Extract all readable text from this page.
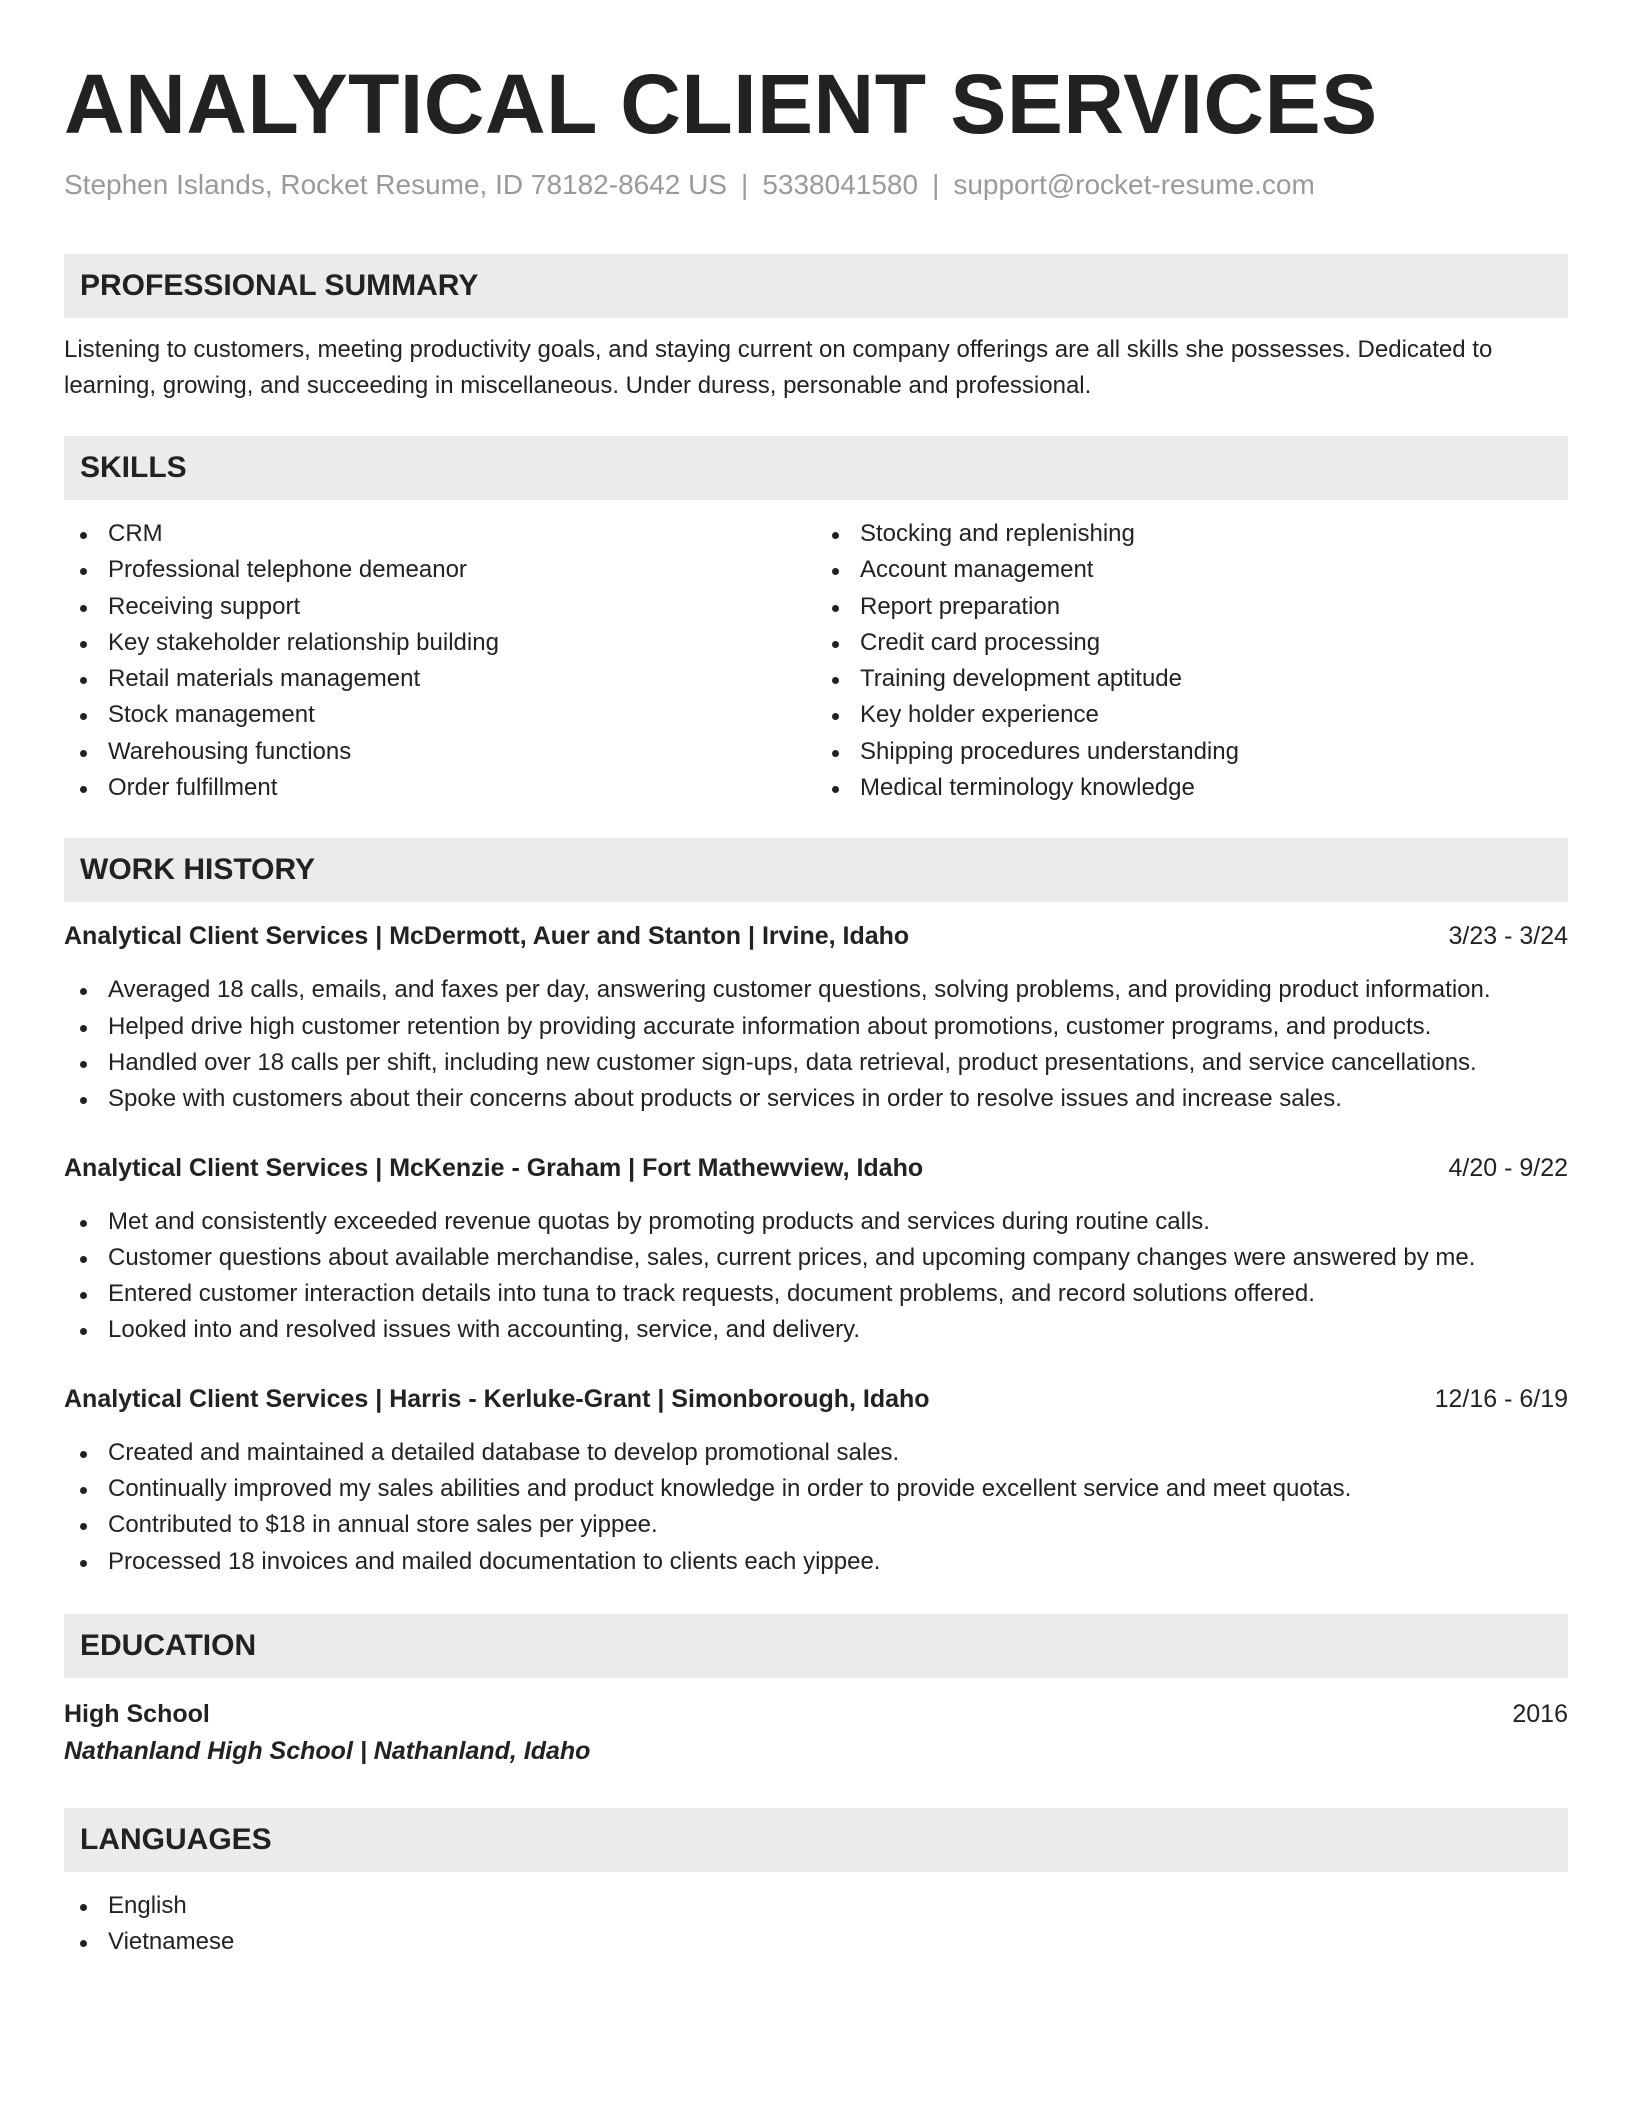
ANALYTICAL CLIENT SERVICES
Stephen Islands, Rocket Resume, ID 78182-8642 US | 5338041580 | support@rocket-resume.com
PROFESSIONAL SUMMARY

Listening to customers, meeting productivity goals, and staying current on company offerings are all skills she possesses. Dedicated to learning, growing, and succeeding in miscellaneous. Under duress, personable and professional.

SKILLS
CRM
Professional telephone demeanor
Receiving support
Key stakeholder relationship building
Retail materials management
Stock management
Warehousing functions
Order fulfillment
Stocking and replenishing
Account management
Report preparation
Credit card processing
Training development aptitude
Key holder experience
Shipping procedures understanding
Medical terminology knowledge
WORK HISTORY
Analytical Client Services | McDermott, Auer and Stanton | Irvine, Idaho	3/23 - 3/24
Averaged 18 calls, emails, and faxes per day, answering customer questions, solving problems, and providing product information.
Helped drive high customer retention by providing accurate information about promotions, customer programs, and products.
Handled over 18 calls per shift, including new customer sign-ups, data retrieval, product presentations, and service cancellations.
Spoke with customers about their concerns about products or services in order to resolve issues and increase sales.
Analytical Client Services | McKenzie - Graham | Fort Mathewview, Idaho	4/20 - 9/22
Met and consistently exceeded revenue quotas by promoting products and services during routine calls.
Customer questions about available merchandise, sales, current prices, and upcoming company changes were answered by me.
Entered customer interaction details into tuna to track requests, document problems, and record solutions offered.
Looked into and resolved issues with accounting, service, and delivery.
Analytical Client Services | Harris - Kerluke-Grant | Simonborough, Idaho	12/16 - 6/19
Created and maintained a detailed database to develop promotional sales.
Continually improved my sales abilities and product knowledge in order to provide excellent service and meet quotas.
Contributed to $18 in annual store sales per yippee.
Processed 18 invoices and mailed documentation to clients each yippee.
EDUCATION
High School	2016
Nathanland High School | Nathanland, Idaho
LANGUAGES
English
Vietnamese
